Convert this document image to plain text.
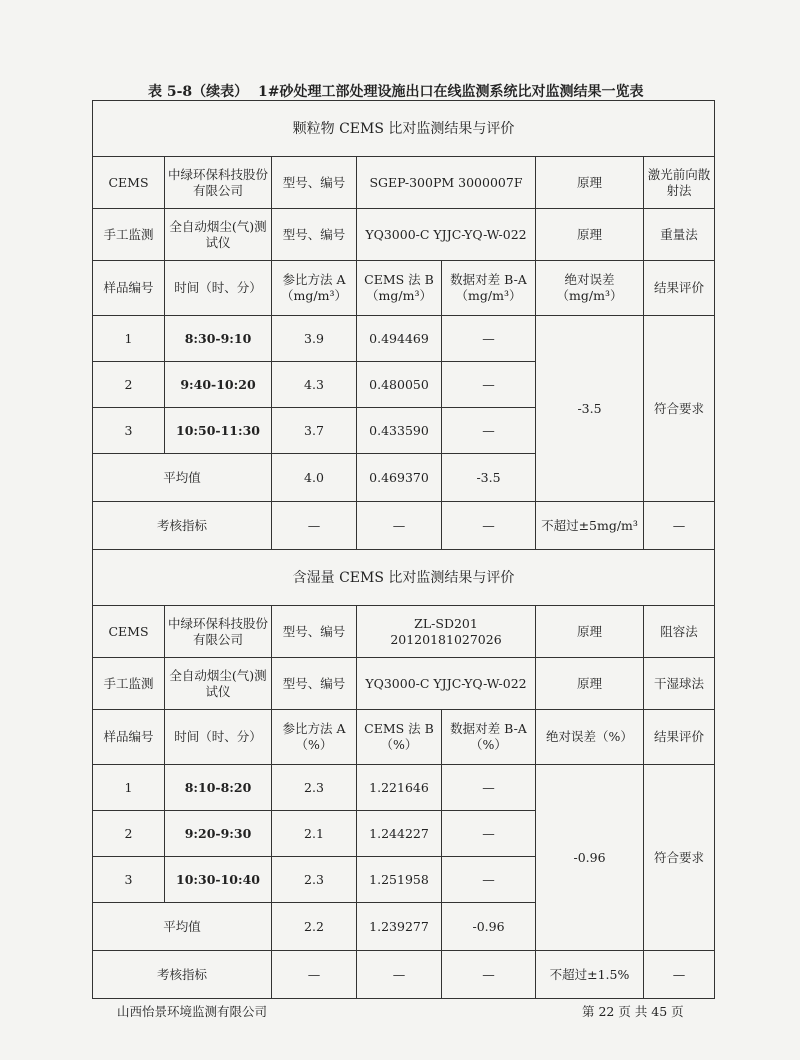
表 5-8（续表） 1#砂处理工部处理设施出口在线监测系统比对监测结果一览表
颗粒物 CEMS 比对监测结果与评价						
CEMS	中绿环保科技股份有限公司	型号、编号	SGEP-300PM 3000007F		原理	激光前向散射法
手工监测	全自动烟尘(气)测试仪	型号、编号	YQ3000-C YJJC-YQ-W-022		原理	重量法
样品编号	时间（时、分）	参比方法 A（mg/m³）	CEMS 法 B（mg/m³）	数据对差 B-A（mg/m³）	绝对误差（mg/m³）	结果评价
1	8:30-9:10	3.9	0.494469	—	-3.5	符合要求
2	9:40-10:20	4.3	0.480050	—		
3	10:50-11:30	3.7	0.433590	—		
平均值		4.0	0.469370	-3.5		
考核指标		—	—	—	不超过±5mg/m³	—
含湿量 CEMS 比对监测结果与评价						
CEMS	中绿环保科技股份有限公司	型号、编号	ZL-SD201 20120181027026		原理	阻容法
手工监测	全自动烟尘(气)测试仪	型号、编号	YQ3000-C YJJC-YQ-W-022		原理	干湿球法
样品编号	时间（时、分）	参比方法 A（%）	CEMS 法 B（%）	数据对差 B-A（%）	绝对误差（%）	结果评价
1	8:10-8:20	2.3	1.221646	—	-0.96	符合要求
2	9:20-9:30	2.1	1.244227	—		
3	10:30-10:40	2.3	1.251958	—		
平均值		2.2	1.239277	-0.96		
考核指标		—	—	—	不超过±1.5%	—
山西怡景环境监测有限公司	第 22 页 共 45 页
